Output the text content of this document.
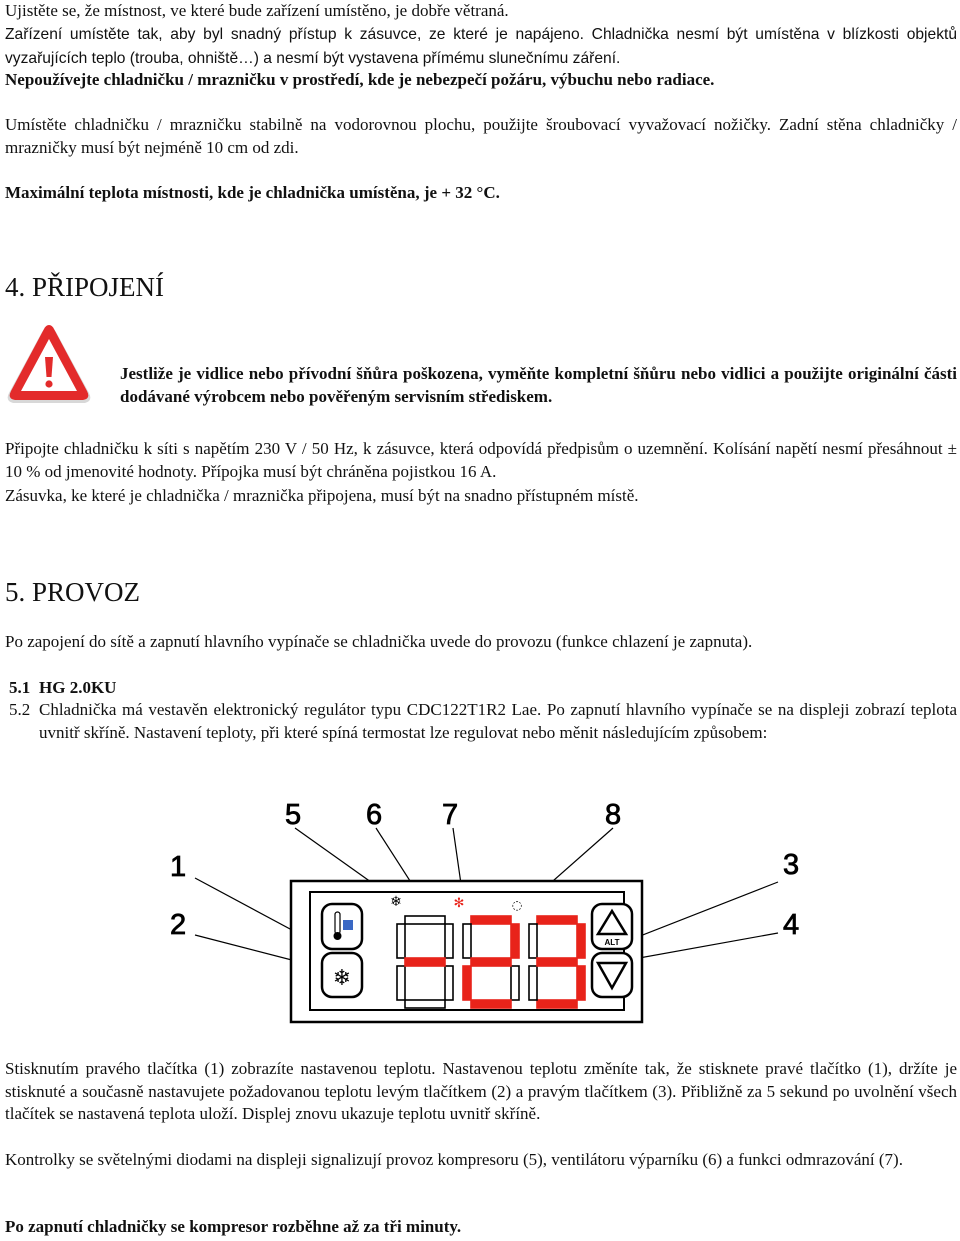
Ujistěte se, že místnost, ve které bude zařízení umístěno, je dobře větraná.

Zařízení umístěte tak, aby byl snadný přístup k zásuvce, ze které je napájeno. Chladnička nesmí být umístěna v blízkosti objektů vyzařujících teplo (trouba, ohniště…) a nesmí být vystavena přímému slunečnímu záření.

Nepoužívejte chladničku / mrazničku v prostředí, kde je nebezpečí požáru, výbuchu nebo radiace.

Umístěte chladničku / mrazničku stabilně na vodorovnou plochu, použijte šroubovací vyvažovací nožičky. Zadní stěna chladničky / mrazničky musí být nejméně 10 cm od zdi.

Maximální teplota místnosti, kde je chladnička umístěna, je + 32 °C.

4. PŘIPOJENÍ

Jestliže je vidlice nebo přívodní šňůra poškozena, vyměňte kompletní šňůru nebo vidlici a použijte originální části dodávané výrobcem nebo pověřeným servisním střediskem.

Připojte chladničku k síti s napětím 230 V / 50 Hz, k zásuvce, která odpovídá předpisům o uzemnění. Kolísání napětí nesmí přesáhnout ± 10 % od jmenovité hodnoty. Přípojka musí být chráněna pojistkou 16 A.

Zásuvka, ke které je chladnička / mraznička připojena, musí být na snadno přístupném místě.

5. PROVOZ

Po zapojení do sítě a zapnutí hlavního vypínače se chladnička uvede do provozu (funkce chlazení je zapnuta).

5.1 HG 2.0KU
5.2 Chladnička má vestavěn elektronický regulátor typu CDC122T1R2 Lae. Po zapnutí hlavního vypínače se na displeji zobrazí teplota uvnitř skříně. Nastavení teploty, při které spíná termostat lze regulovat nebo měnit následujícím způsobem:
5 6 7	8
1
2
3
4
❄
ALT
❄	✻	◌

Stisknutím pravého tlačítka (1) zobrazíte nastavenou teplotu. Nastavenou teplotu změníte tak, že stisknete pravé tlačítko (1), držíte je stisknuté a současně nastavujete požadovanou teplotu levým tlačítkem (2) a pravým tlačítkem (3). Přibližně za 5 sekund po uvolnění všech tlačítek se nastavená teplota uloží. Displej znovu ukazuje teplotu uvnitř skříně.

Kontrolky se světelnými diodami na displeji signalizují provoz kompresoru (5), ventilátoru výparníku (6) a funkci odmrazování (7).

Po zapnutí chladničky se kompresor rozběhne až za tři minuty.
